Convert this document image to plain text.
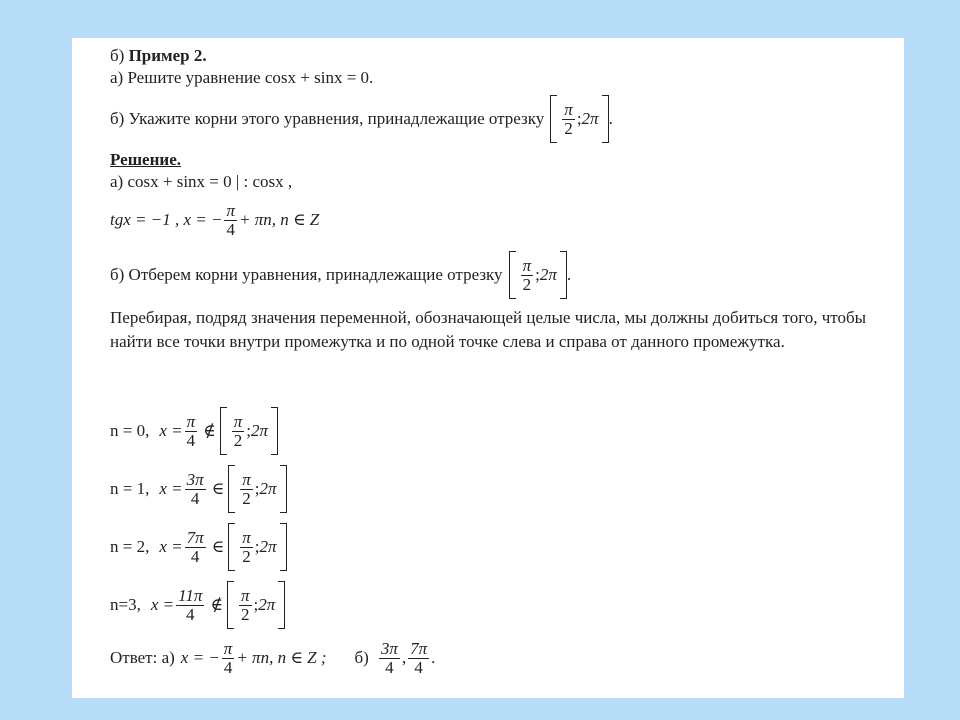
б) Пример 2.
а) Решите уравнение cosx + sinx = 0.
б) Укажите корни этого уравнения, принадлежащие отрезку $\frac{\pi}{2}$ ; 2π .
Решение.
а) cosx + sinx = 0 | : cosx ,
tgx = −1 , x = − $\frac{\pi}{4} + \pi n$, n ∈ Z
б) Отберем корни уравнения, принадлежащие отрезку $\frac{\pi}{2}$ ; 2π .
Перебирая, подряд значения переменной, обозначающей целые числа, мы должны добиться того, чтобы найти все точки внутри промежутка и по одной точке слева и справа от данного промежутка.
n = 0, $x = \frac{\pi}{4}$ ∉ $\frac{\pi}{2}$ ; 2π
n = 1, $x = \frac{3\pi}{4}$ ∈ $\frac{\pi}{2}$ ; 2π
n = 2, $x = \frac{7\pi}{4}$ ∈ $\frac{\pi}{2}$ ; 2π
n=3, $x = \frac{11\pi}{4}$ ∉ $\frac{\pi}{2}$ ; 2π
Ответ: а) x = − $\frac{\pi}{4} + \pi n$, n ∈ Z ; $б) \frac{3\pi}{4}$ , $\frac{7\pi}{4}$ .
